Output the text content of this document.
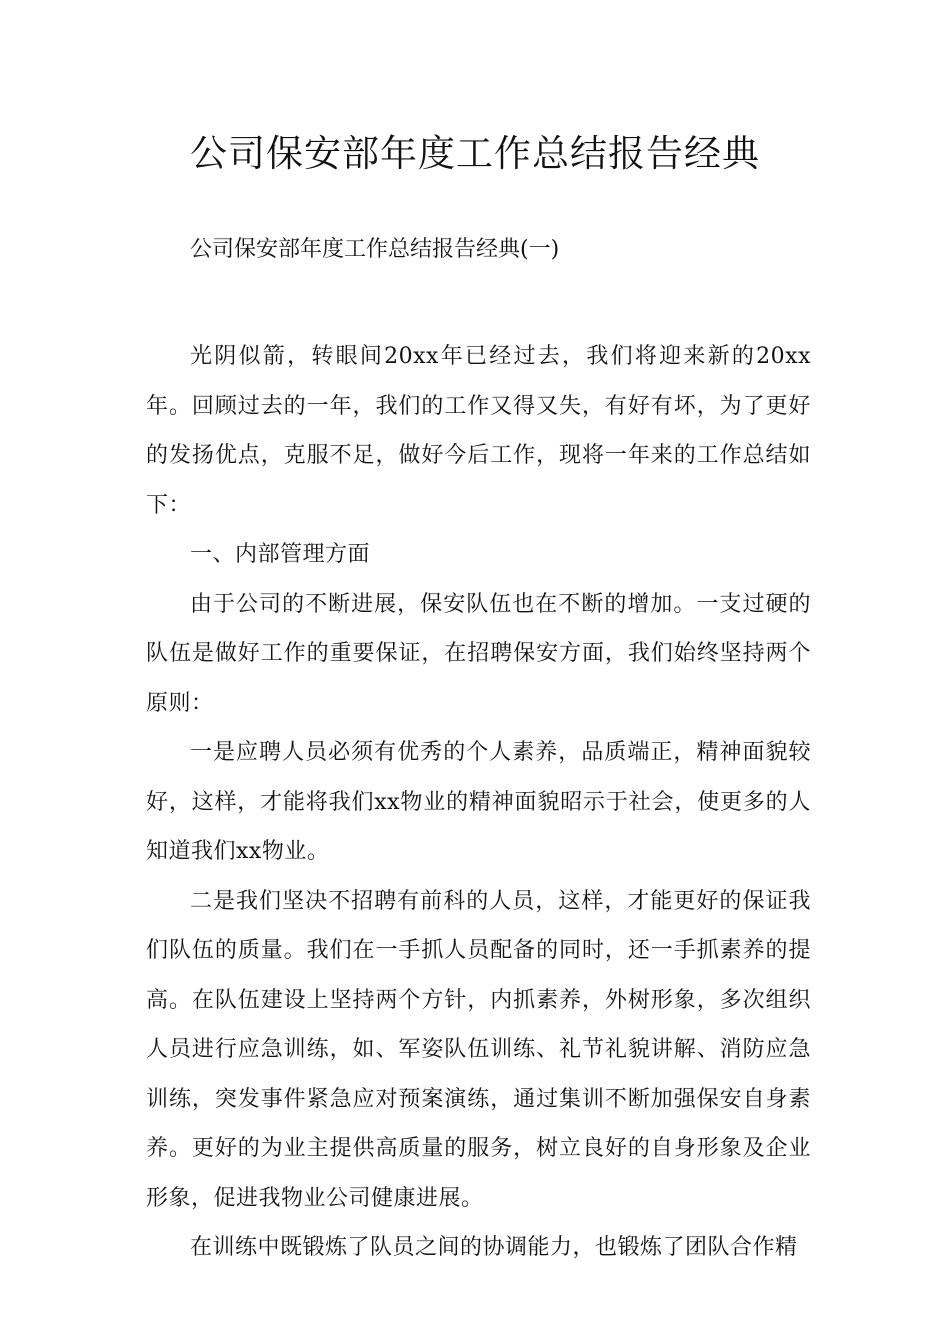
公司保安部年度工作总结报告经典

公司保安部年度工作总结报告经典(一)

光阴似箭，转眼间20xx年已经过去，我们将迎来新的20xx年。回顾过去的一年，我们的工作又得又失，有好有坏，为了更好的发扬优点，克服不足，做好今后工作，现将一年来的工作总结如下：

一、内部管理方面

由于公司的不断进展，保安队伍也在不断的增加。一支过硬的队伍是做好工作的重要保证，在招聘保安方面，我们始终坚持两个原则：

一是应聘人员必须有优秀的个人素养，品质端正，精神面貌较好，这样，才能将我们xx物业的精神面貌昭示于社会，使更多的人知道我们xx物业。

二是我们坚决不招聘有前科的人员，这样，才能更好的保证我们队伍的质量。我们在一手抓人员配备的同时，还一手抓素养的提高。在队伍建设上坚持两个方针，内抓素养，外树形象，多次组织人员进行应急训练，如、军姿队伍训练、礼节礼貌讲解、消防应急训练，突发事件紧急应对预案演练，通过集训不断加强保安自身素养。更好的为业主提供高质量的服务，树立良好的自身形象及企业形象，促进我物业公司健康进展。

在训练中既锻炼了队员之间的协调能力，也锻炼了团队合作精
